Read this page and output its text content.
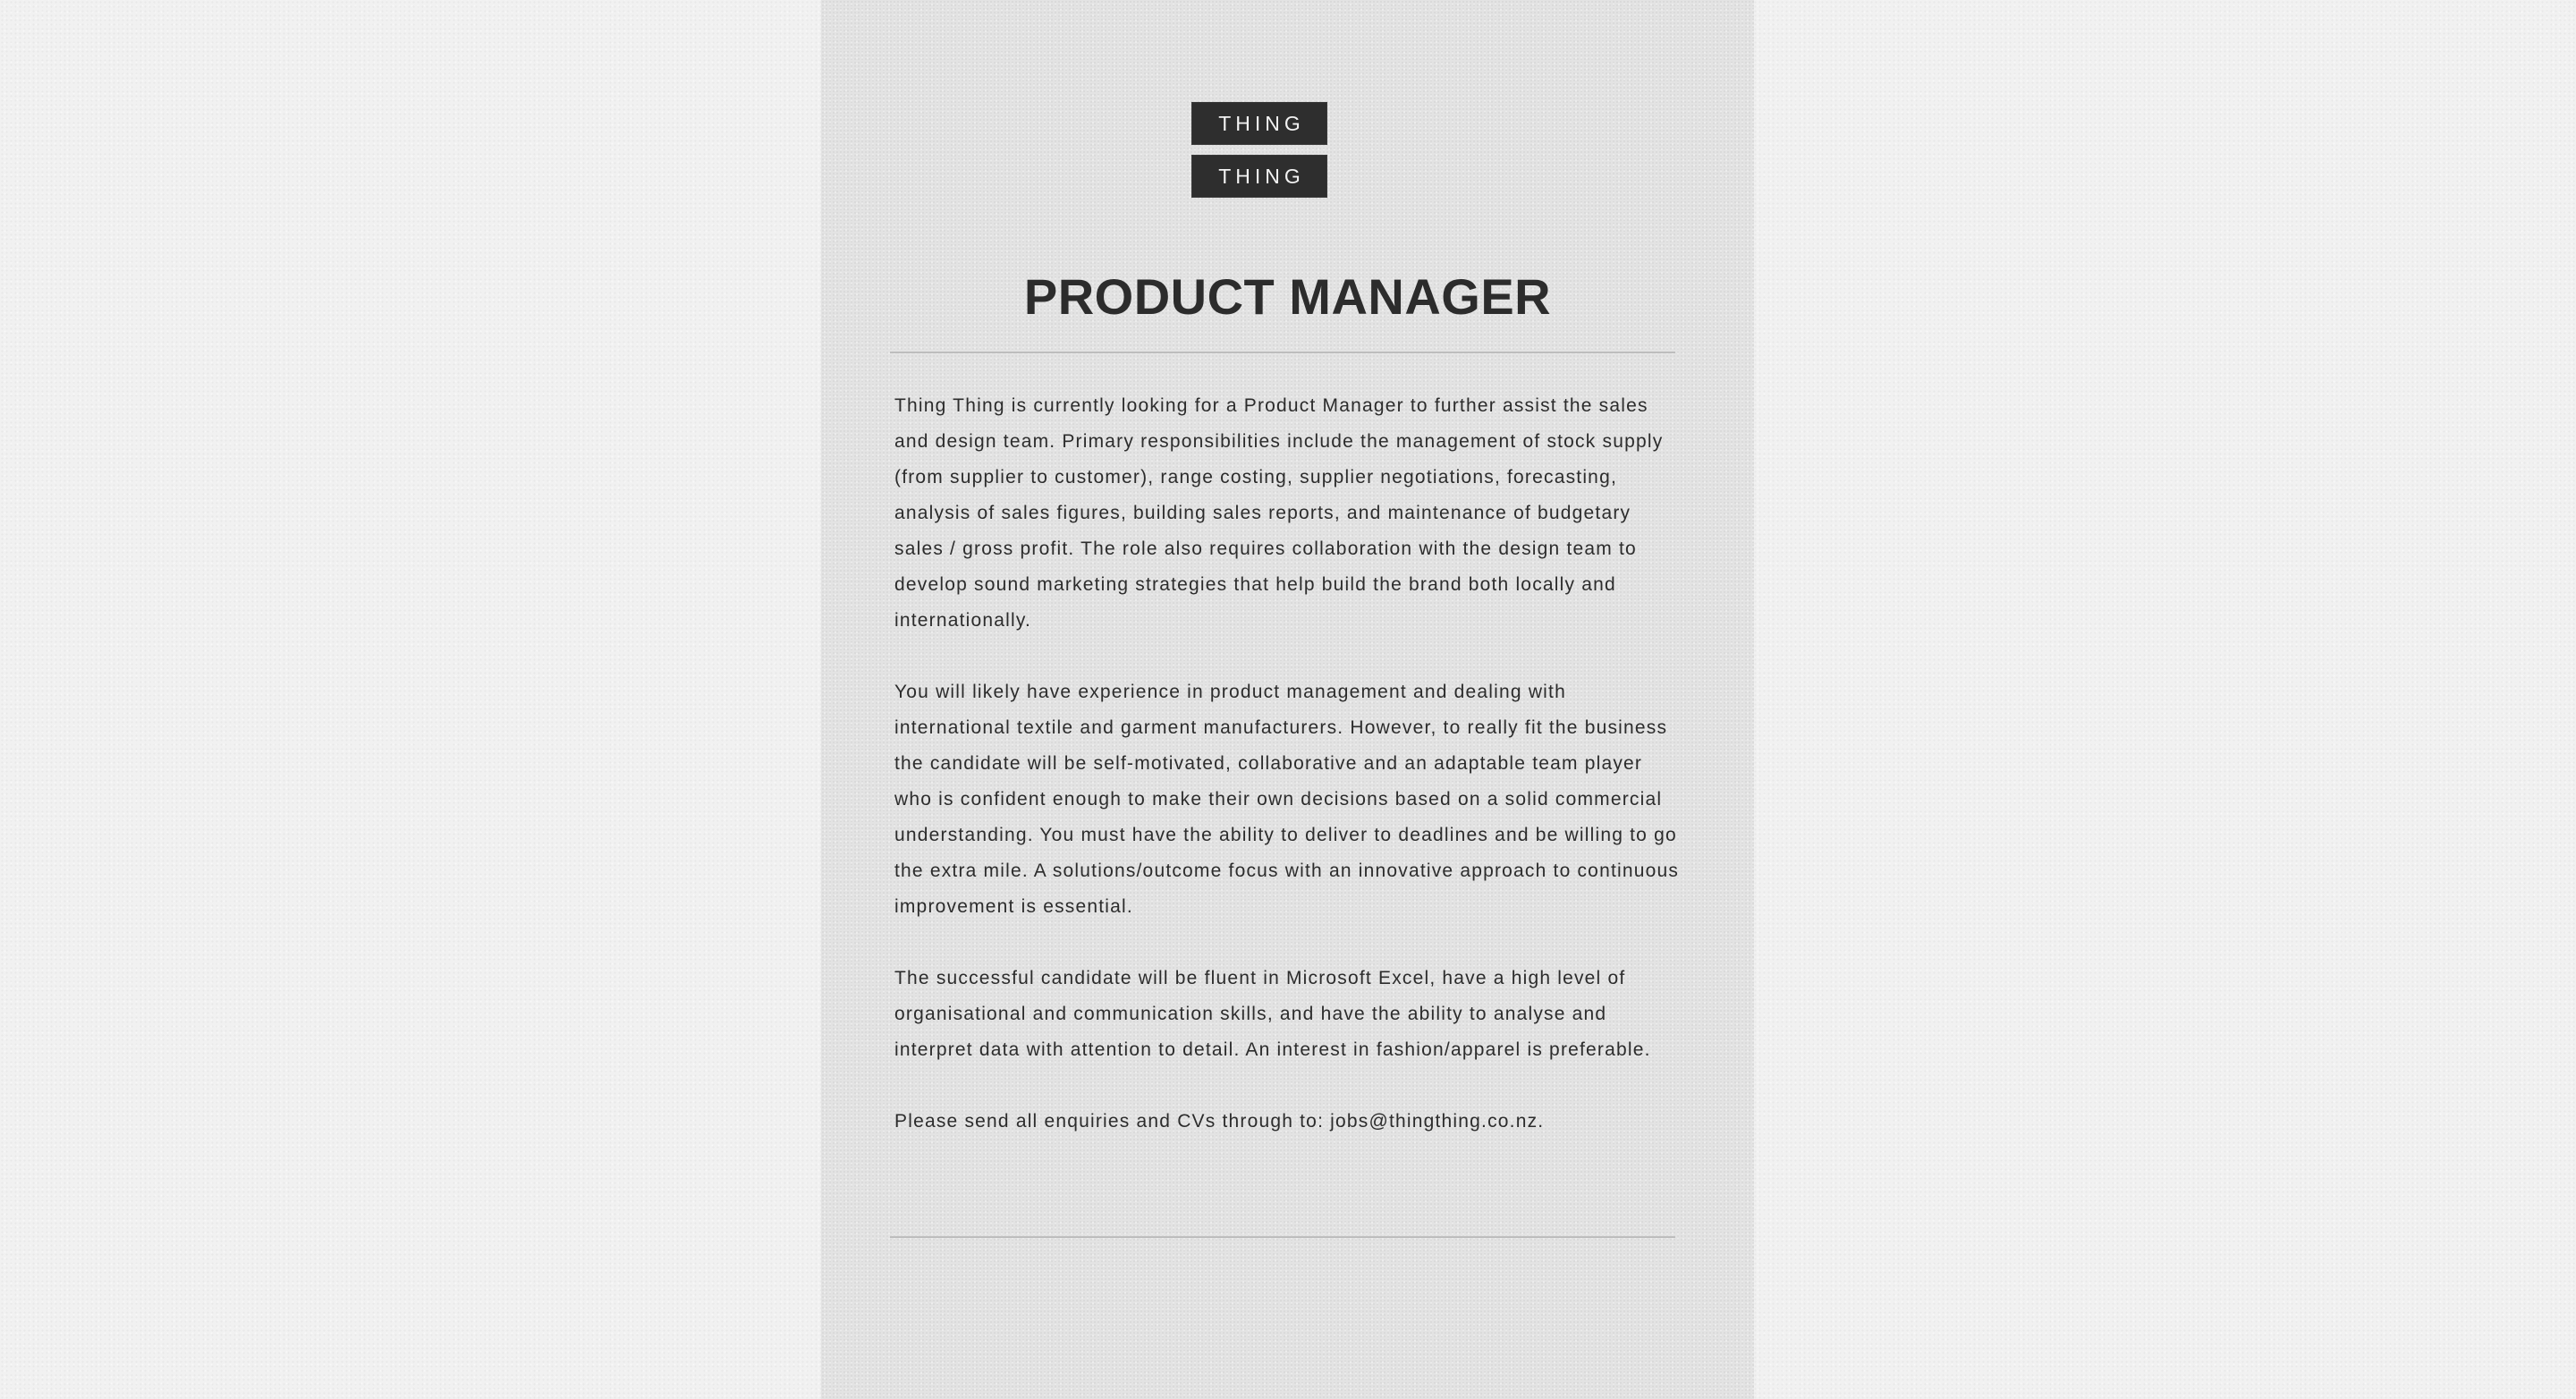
THING
THING
PRODUCT MANAGER

Thing Thing is currently looking for a Product Manager to further assist the sales and design team. Primary responsibilities include the management of stock supply (from supplier to customer), range costing, supplier negotiations, forecasting, analysis of sales figures, building sales reports, and maintenance of budgetary sales / gross profit. The role also requires collaboration with the design team to develop sound marketing strategies that help build the brand both locally and internationally.

You will likely have experience in product management and dealing with international textile and garment manufacturers. However, to really fit the business the candidate will be self-motivated, collaborative and an adaptable team player who is confident enough to make their own decisions based on a solid commercial understanding. You must have the ability to deliver to deadlines and be willing to go the extra mile. A solutions/outcome focus with an innovative approach to continuous improvement is essential.

The successful candidate will be fluent in Microsoft Excel, have a high level of organisational and communication skills, and have the ability to analyse and interpret data with attention to detail. An interest in fashion/apparel is preferable.

Please send all enquiries and CVs through to: jobs@thingthing.co.nz.
